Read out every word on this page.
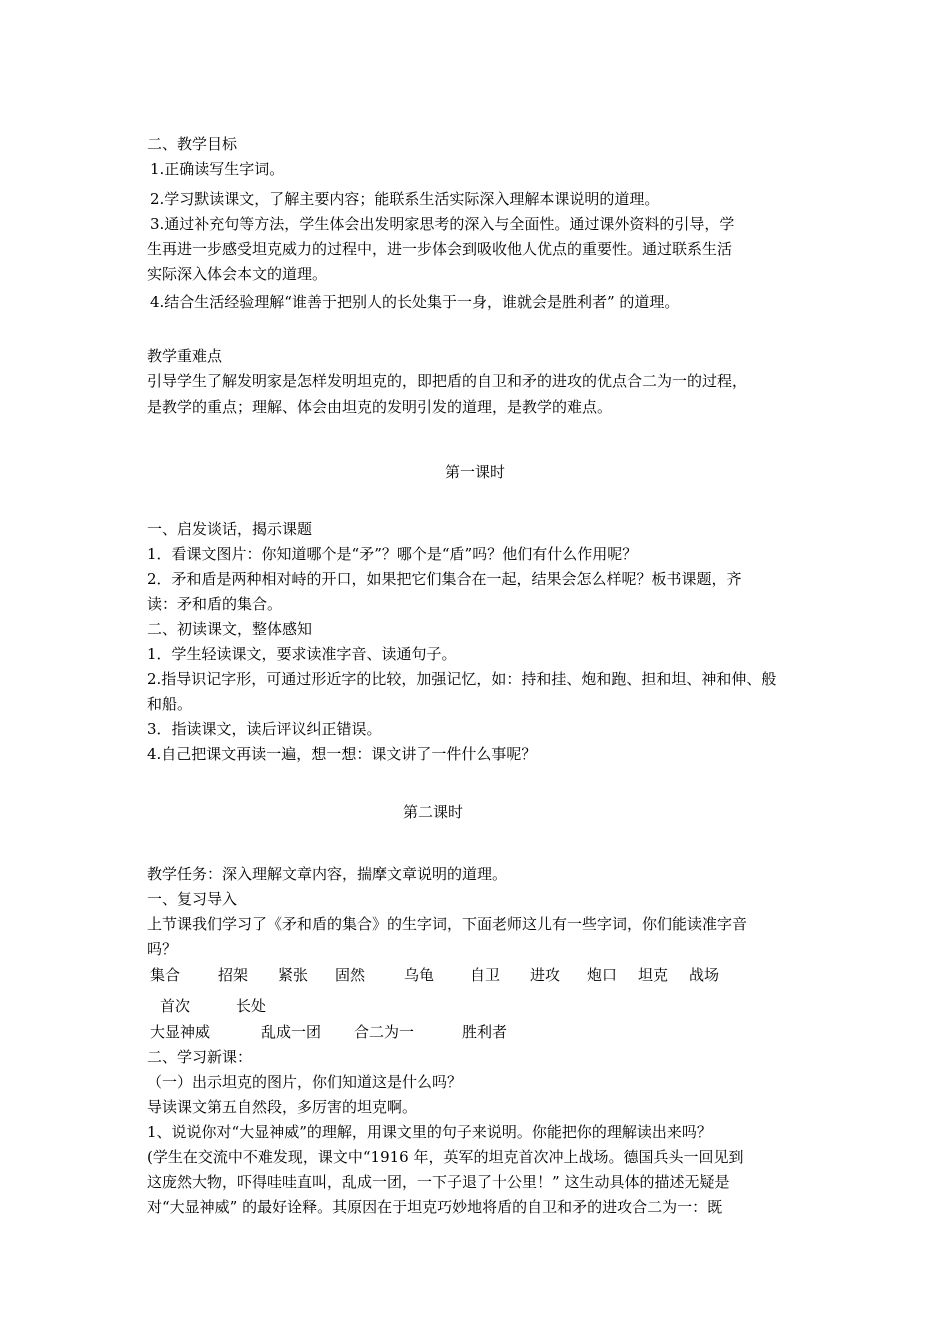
二、教学目标
1.正确读写生字词。
2.学习默读课文，了解主要内容；能联系生活实际深入理解本课说明的道理。
3.通过补充句等方法，学生体会出发明家思考的深入与全面性。通过课外资料的引导，学
生再进一步感受坦克威力的过程中，进一步体会到吸收他人优点的重要性。通过联系生活
实际深入体会本文的道理。
4.结合生活经验理解“谁善于把别人的长处集于一身，谁就会是胜利者” 的道理。
教学重难点
引导学生了解发明家是怎样发明坦克的，即把盾的自卫和矛的进攻的优点合二为一的过程，
是教学的重点；理解、体会由坦克的发明引发的道理，是教学的难点。
第一课时
一、启发谈话，揭示课题
1．看课文图片：你知道哪个是“矛”？哪个是“盾”吗？他们有什么作用呢？
2．矛和盾是两种相对峙的开口，如果把它们集合在一起，结果会怎么样呢？板书课题，齐
读：矛和盾的集合。
二、初读课文，整体感知
1．学生轻读课文，要求读准字音、读通句子。
2.指导识记字形，可通过形近字的比较，加强记忆，如：持和挂、炮和跑、担和坦、神和伸、般
和船。
3．指读课文，读后评议纠正错误。
4.自己把课文再读一遍，想一想：课文讲了一件什么事呢？
第二课时
教学任务：深入理解文章内容，揣摩文章说明的道理。
一、复习导入
上节课我们学习了《矛和盾的集合》的生字词，下面老师这儿有一些字词，你们能读准字音
吗？
集合	招架 紧张 固然	乌龟 自卫 进攻 炮口 坦克 战场
首次	长处
大显神威	乱成一团 合二为一	胜利者
二、学习新课：
（一）出示坦克的图片，你们知道这是什么吗？
导读课文第五自然段，多厉害的坦克啊。
1、说说你对“大显神威”的理解，用课文里的句子来说明。你能把你的理解读出来吗？
(学生在交流中不难发现，课文中“1916 年，英军的坦克首次冲上战场。德国兵头一回见到
这庞然大物，吓得哇哇直叫，乱成一团，一下子退了十公里！” 这生动具体的描述无疑是
对“大显神威” 的最好诠释。其原因在于坦克巧妙地将盾的自卫和矛的进攻合二为一：既
